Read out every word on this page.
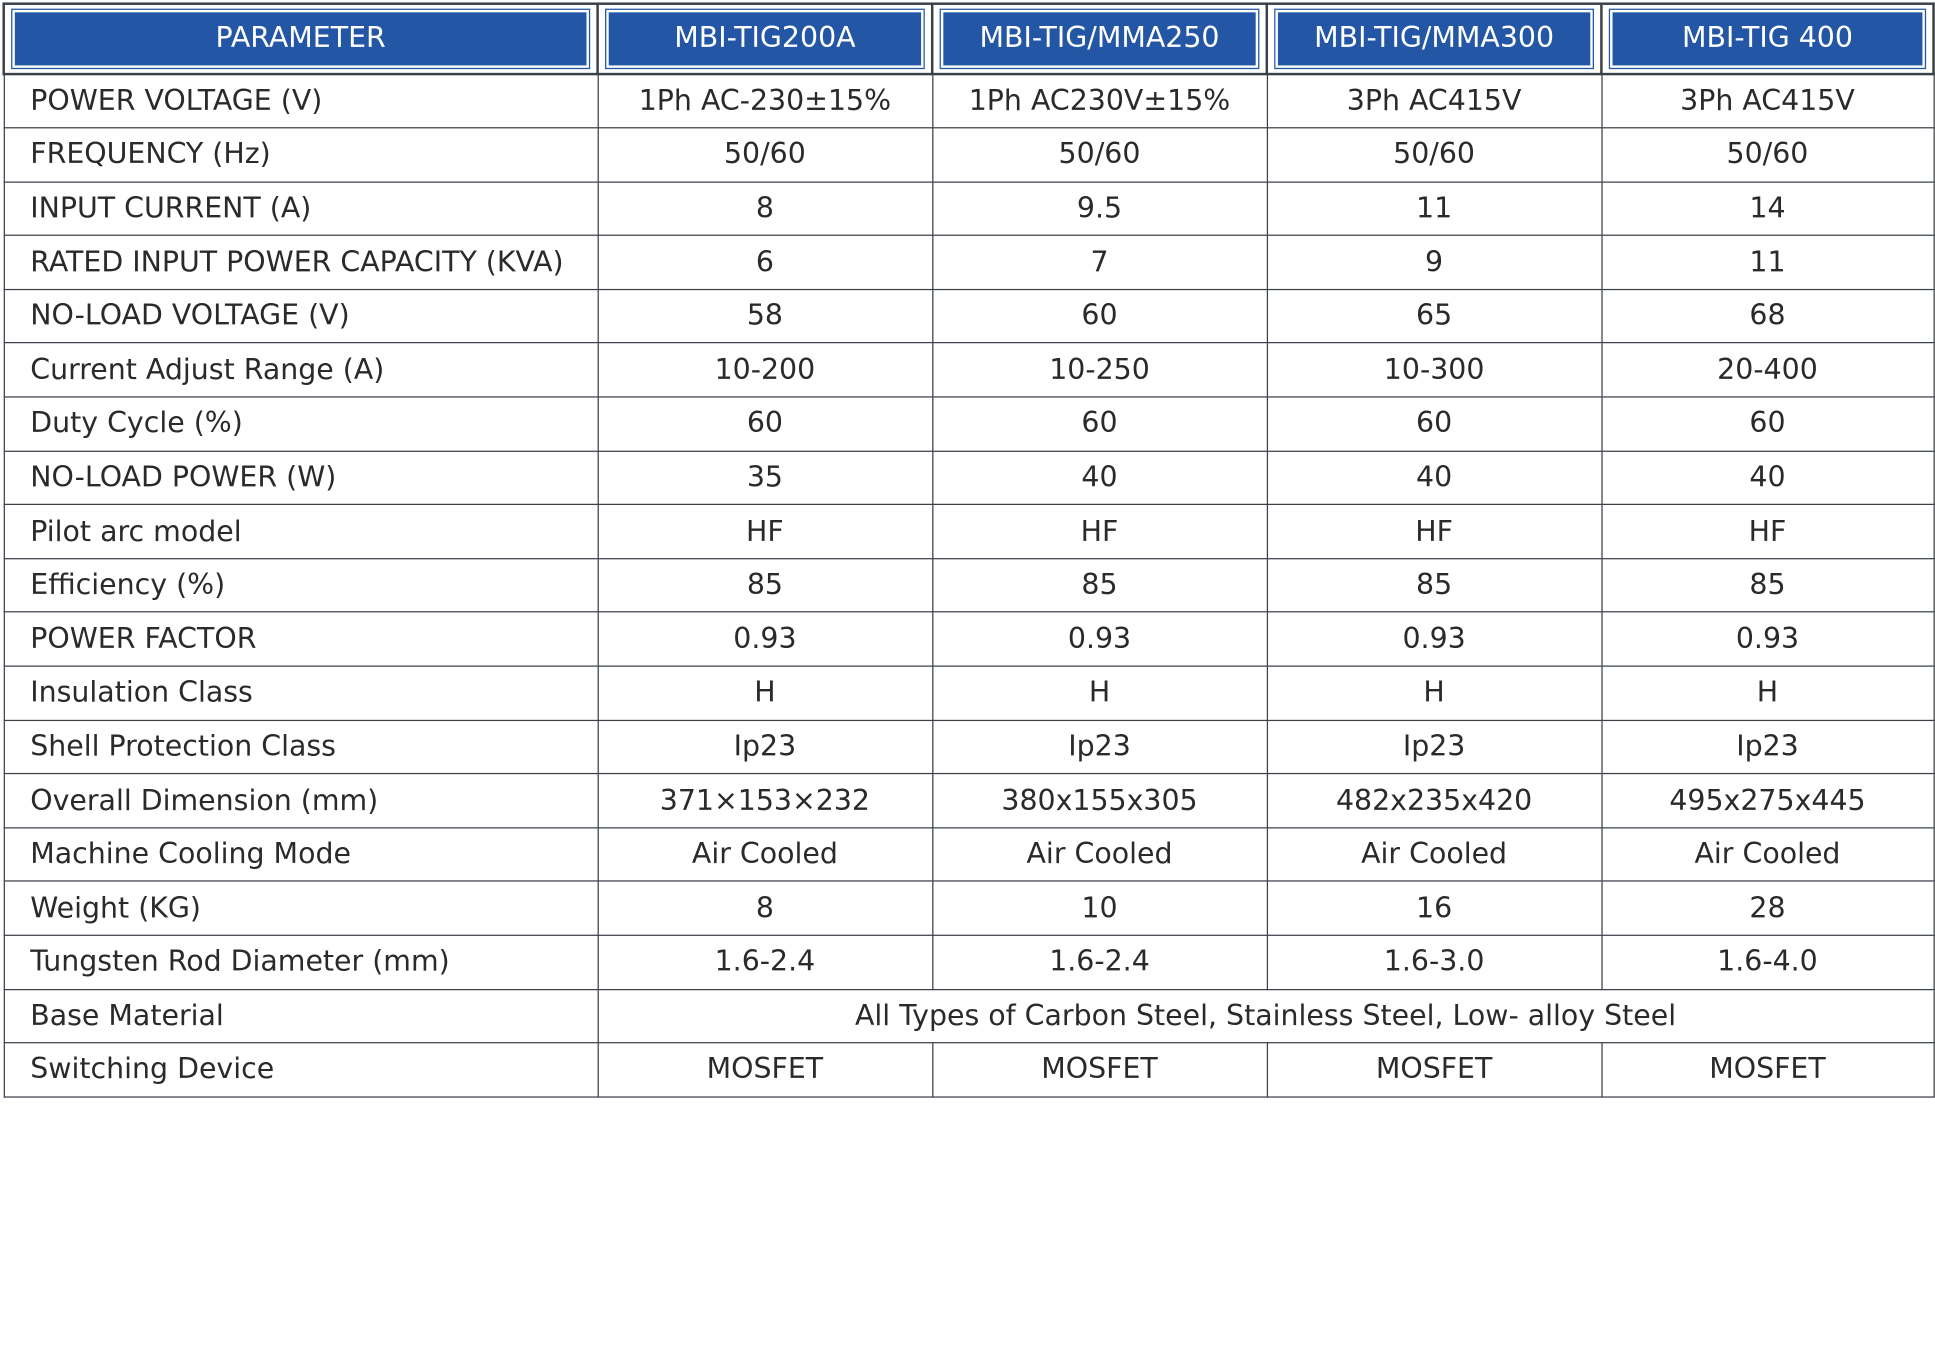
PARAMETER	MBI-TIG200A	MBI-TIG/MMA250	MBI-TIG/MMA300	MBI-TIG 400

POWER VOLTAGE (V)	1Ph AC-230±15%	1Ph AC230V±15%	3Ph AC415V	3Ph AC415V
FREQUENCY (Hz)	50/60	50/60	50/60	50/60
INPUT CURRENT (A)	8	9.5	11	14
RATED INPUT POWER CAPACITY (KVA)	6	7	9	11
NO-LOAD VOLTAGE (V)	58	60	65	68
Current Adjust Range (A)	10-200	10-250	10-300	20-400
Duty Cycle (%)	60	60	60	60
NO-LOAD POWER (W)	35	40	40	40
Pilot arc model	HF	HF	HF	HF
Efficiency (%)	85	85	85	85
POWER FACTOR	0.93	0.93	0.93	0.93
Insulation Class	H	H	H	H
Shell Protection Class	Ip23	Ip23	Ip23	Ip23
Overall Dimension (mm)	371×153×232	380x155x305	482x235x420	495x275x445
Machine Cooling Mode	Air Cooled	Air Cooled	Air Cooled	Air Cooled
Weight (KG)	8	10	16	28
Tungsten Rod Diameter (mm)	1.6-2.4	1.6-2.4	1.6-3.0	1.6-4.0
Base Material	All Types of Carbon Steel, Stainless Steel, Low- alloy Steel			
Switching Device	MOSFET	MOSFET	MOSFET	MOSFET
